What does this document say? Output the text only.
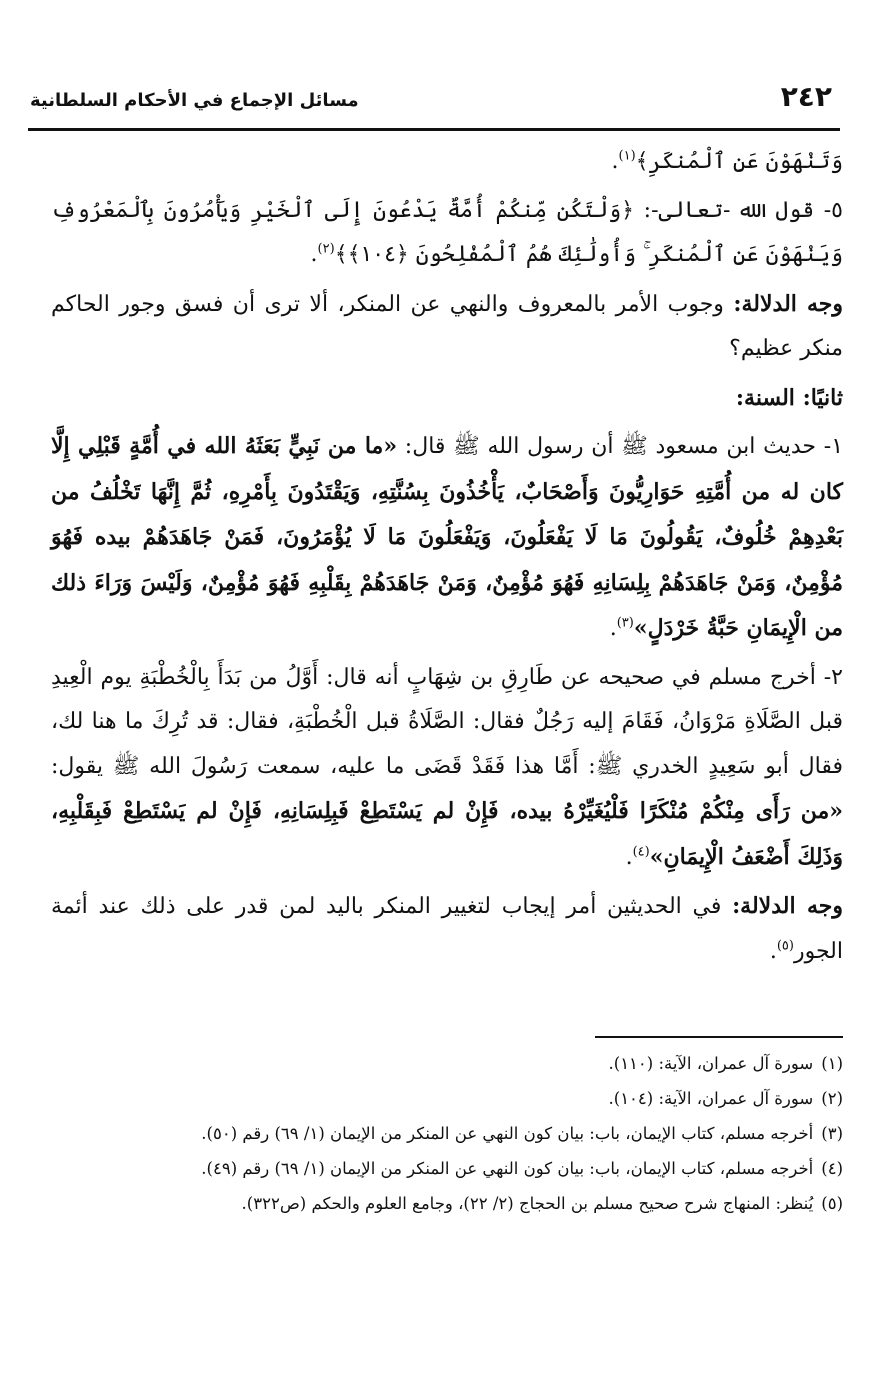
٢٤٢
مسائل الإجماع في الأحكام السلطانية

وَتَنْهَوْنَ عَنِ ٱلْمُنكَرِ﴾$^{(١)}$.

٥- قول الله -تعالى-: ﴿وَلْتَكُن مِّنكُمْ أُمَّةٌ يَدْعُونَ إِلَى ٱلْخَيْرِ وَيَأْمُرُونَ بِٱلْمَعْرُوفِ وَيَنْهَوْنَ عَنِ ٱلْمُنكَرِ ۚ وَأُولَٰئِكَ هُمُ ٱلْمُفْلِحُونَ ﴿١٠٤﴾﴾$^{(٢)}$.

وجه الدلالة: وجوب الأمر بالمعروف والنهي عن المنكر، ألا ترى أن فسق وجور الحاكم منكر عظيم؟

ثانيًا: السنة:

١- حديث ابن مسعود ﷺ أن رسول الله ﷺ قال: «ما من نَبِيٍّ بَعَثَهُ الله في أُمَّةٍ قَبْلِي إِلَّا كان له من أُمَّتِهِ حَوَارِيُّونَ وَأَصْحَابٌ، يَأْخُذُونَ بِسُنَّتِهِ، وَيَقْتَدُونَ بِأَمْرِهِ، ثُمَّ إِنَّهَا تَخْلُفُ من بَعْدِهِمْ خُلُوفٌ، يَقُولُونَ مَا لَا يَفْعَلُونَ، وَيَفْعَلُونَ مَا لَا يُؤْمَرُونَ، فَمَنْ جَاهَدَهُمْ بيده فَهُوَ مُؤْمِنٌ، وَمَنْ جَاهَدَهُمْ بِلِسَانِهِ فَهُوَ مُؤْمِنٌ، وَمَنْ جَاهَدَهُمْ بِقَلْبِهِ فَهُوَ مُؤْمِنٌ، وَلَيْسَ وَرَاءَ ذلك من الْإِيمَانِ حَبَّةُ خَرْدَلٍ»$^{(٣)}$.

٢- أخرج مسلم في صحيحه عن طَارِقِ بن شِهَابٍ أنه قال: أَوَّلُ من بَدَأَ بِالْخُطْبَةِ يوم الْعِيدِ قبل الصَّلَاةِ مَرْوَانُ، فَقَامَ إليه رَجُلٌ فقال: الصَّلَاةُ قبل الْخُطْبَةِ، فقال: قد تُرِكَ ما هنا لك، فقال أبو سَعِيدٍ الخدري ﷺ: أَمَّا هذا فَقَدْ قَضَى ما عليه، سمعت رَسُولَ الله ﷺ يقول: «من رَأَى مِنْكُمْ مُنْكَرًا فَلْيُغَيِّرْهُ بيده، فَإِنْ لم يَسْتَطِعْ فَبِلِسَانِهِ، فَإِنْ لم يَسْتَطِعْ فَبِقَلْبِهِ، وَذَلِكَ أَضْعَفُ الْإِيمَانِ»$^{(٤)}$.

وجه الدلالة: في الحديثين أمر إيجاب لتغيير المنكر باليد لمن قدر على ذلك عند أئمة الجور$^{(٥)}$.

(١)سورة آل عمران، الآية: (١١٠).

(٢)سورة آل عمران، الآية: (١٠٤).

(٣)أخرجه مسلم، كتاب الإيمان، باب: بيان كون النهي عن المنكر من الإيمان (١/ ٦٩) رقم (٥٠).

(٤)أخرجه مسلم، كتاب الإيمان، باب: بيان كون النهي عن المنكر من الإيمان (١/ ٦٩) رقم (٤٩).

(٥)يُنظر: المنهاج شرح صحيح مسلم بن الحجاج (٢/ ٢٢)، وجامع العلوم والحكم (ص٣٢٢).
